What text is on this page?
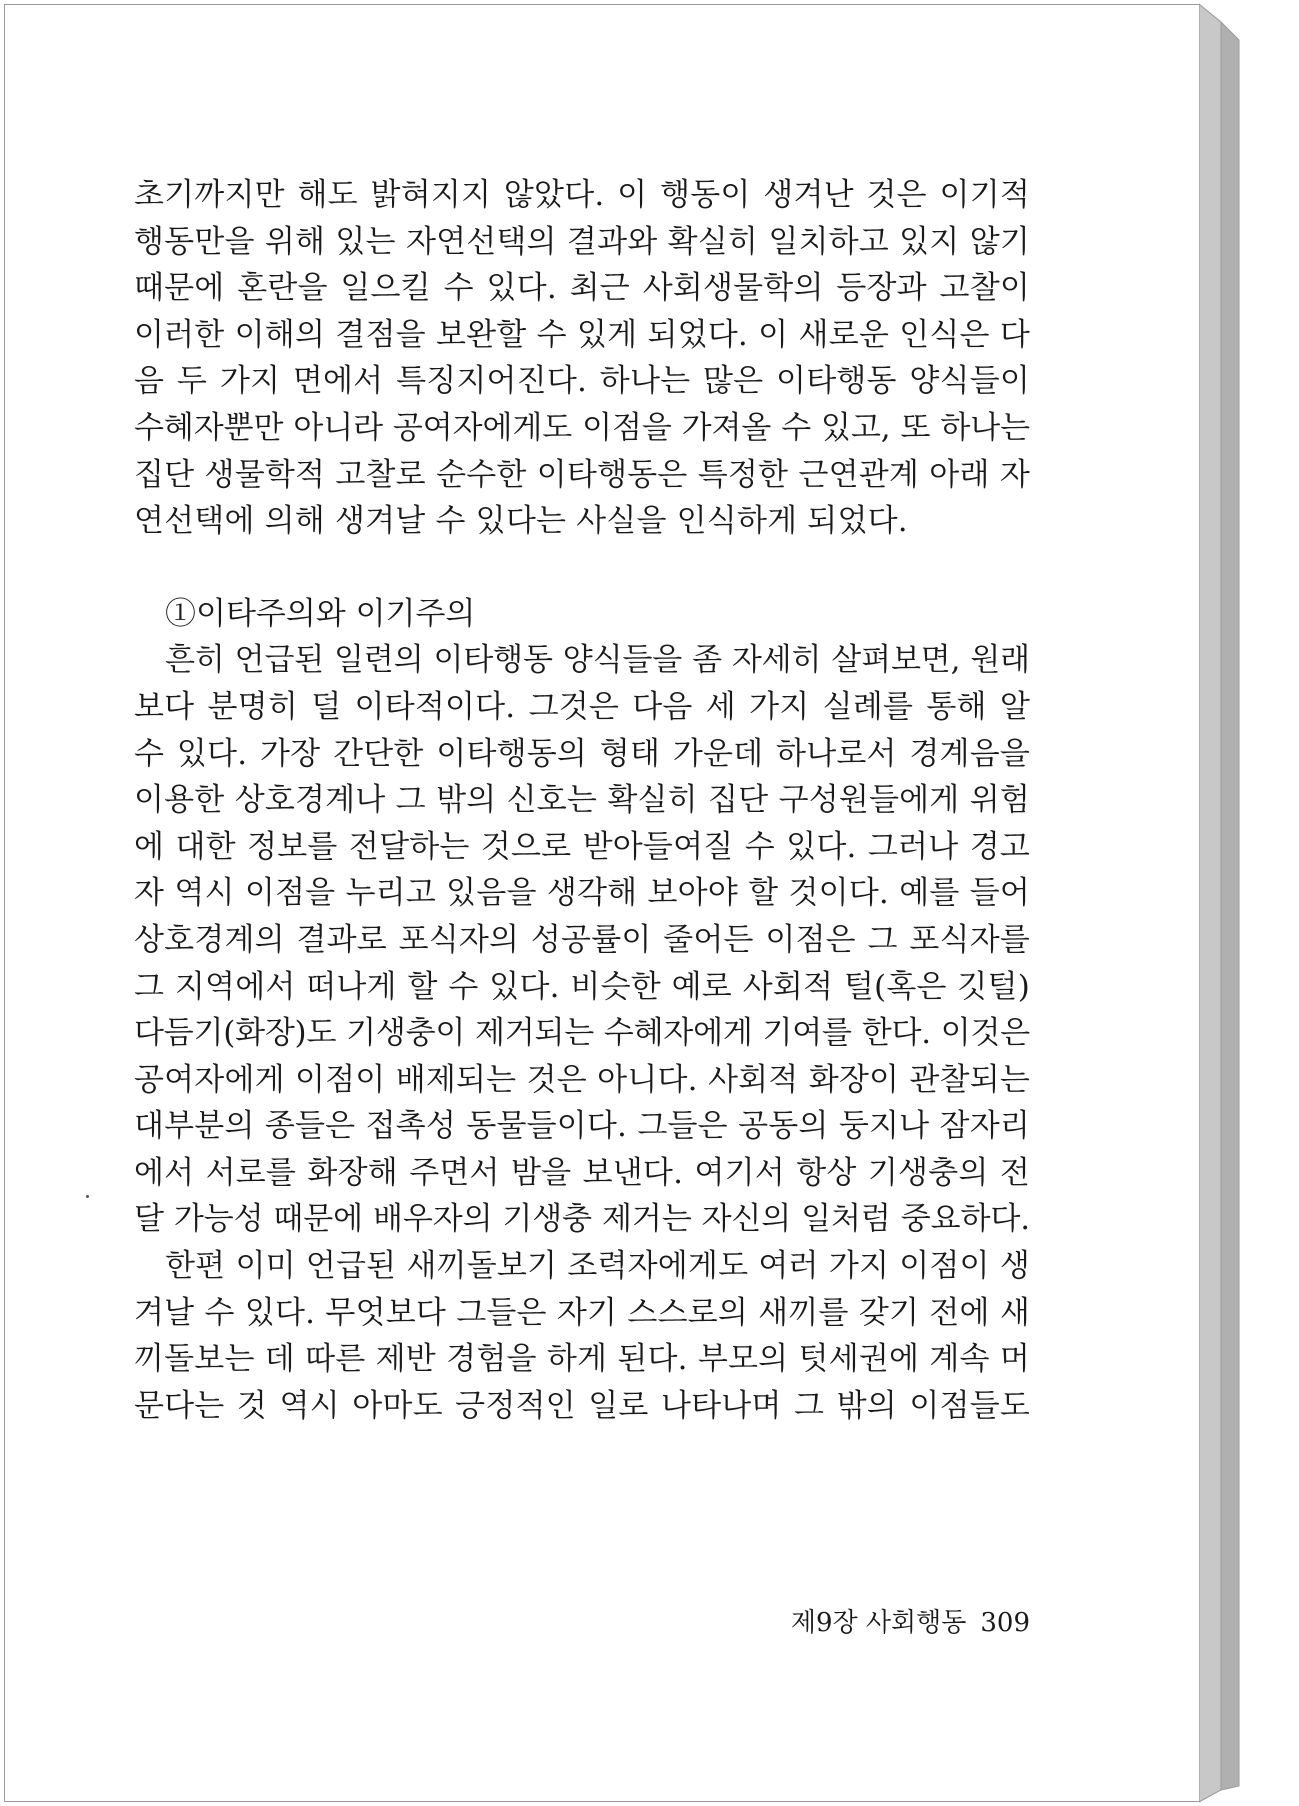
초기까지만 해도 밝혀지지 않았다. 이 행동이 생겨난 것은 이기적
행동만을 위해 있는 자연선택의 결과와 확실히 일치하고 있지 않기
때문에 혼란을 일으킬 수 있다. 최근 사회생물학의 등장과 고찰이
이러한 이해의 결점을 보완할 수 있게 되었다. 이 새로운 인식은 다
음 두 가지 면에서 특징지어진다. 하나는 많은 이타행동 양식들이
수혜자뿐만 아니라 공여자에게도 이점을 가져올 수 있고, 또 하나는
집단 생물학적 고찰로 순수한 이타행동은 특정한 근연관계 아래 자
연선택에 의해 생겨날 수 있다는 사실을 인식하게 되었다.
①이타주의와 이기주의
흔히 언급된 일련의 이타행동 양식들을 좀 자세히 살펴보면, 원래
보다 분명히 덜 이타적이다. 그것은 다음 세 가지 실례를 통해 알
수 있다. 가장 간단한 이타행동의 형태 가운데 하나로서 경계음을
이용한 상호경계나 그 밖의 신호는 확실히 집단 구성원들에게 위험
에 대한 정보를 전달하는 것으로 받아들여질 수 있다. 그러나 경고
자 역시 이점을 누리고 있음을 생각해 보아야 할 것이다. 예를 들어
상호경계의 결과로 포식자의 성공률이 줄어든 이점은 그 포식자를
그 지역에서 떠나게 할 수 있다. 비슷한 예로 사회적 털(혹은 깃털)
다듬기(화장)도 기생충이 제거되는 수혜자에게 기여를 한다. 이것은
공여자에게 이점이 배제되는 것은 아니다. 사회적 화장이 관찰되는
대부분의 종들은 접촉성 동물들이다. 그들은 공동의 둥지나 잠자리
에서 서로를 화장해 주면서 밤을 보낸다. 여기서 항상 기생충의 전
달 가능성 때문에 배우자의 기생충 제거는 자신의 일처럼 중요하다.
한편 이미 언급된 새끼돌보기 조력자에게도 여러 가지 이점이 생
겨날 수 있다. 무엇보다 그들은 자기 스스로의 새끼를 갖기 전에 새
끼돌보는 데 따른 제반 경험을 하게 된다. 부모의 텃세권에 계속 머
문다는 것 역시 아마도 긍정적인 일로 나타나며 그 밖의 이점들도
제9장 사회행동 309
